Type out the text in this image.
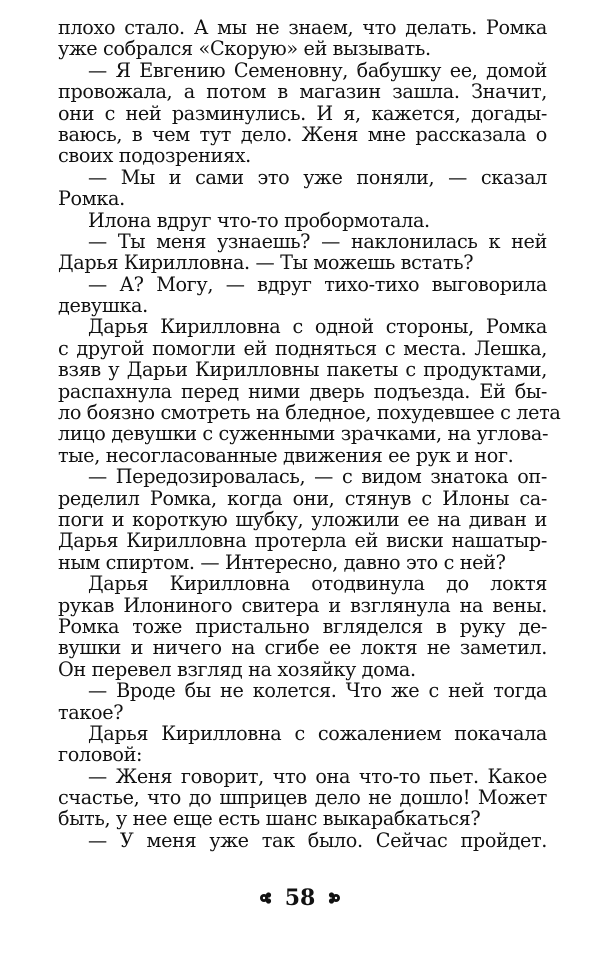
плохо стало. А мы не знаем, что делать. Ромка
уже собрался «Скорую» ей вызывать.
— Я Евгению Семеновну, бабушку ее, домой
провожала, а потом в магазин зашла. Значит,
они с ней разминулись. И я, кажется, догады-
ваюсь, в чем тут дело. Женя мне рассказала о
своих подозрениях.
— Мы и сами это уже поняли, — сказал
Ромка.
Илона вдруг что-то пробормотала.
— Ты меня узнаешь? — наклонилась к ней
Дарья Кирилловна. — Ты можешь встать?
— А? Могу, — вдруг тихо-тихо выговорила
девушка.
Дарья Кирилловна с одной стороны, Ромка
с другой помогли ей подняться с места. Лешка,
взяв у Дарьи Кирилловны пакеты с продуктами,
распахнула перед ними дверь подъезда. Ей бы-
ло боязно смотреть на бледное, похудевшее с лета
лицо девушки с суженными зрачками, на углова-
тые, несогласованные движения ее рук и ног.
— Передозировалась, — с видом знатока оп-
ределил Ромка, когда они, стянув с Илоны са-
поги и короткую шубку, уложили ее на диван и
Дарья Кирилловна протерла ей виски нашатыр-
ным спиртом. — Интересно, давно это с ней?
Дарья Кирилловна отодвинула до локтя
рукав Илониного свитера и взглянула на вены.
Ромка тоже пристально вгляделся в руку де-
вушки и ничего на сгибе ее локтя не заметил.
Он перевел взгляд на хозяйку дома.
— Вроде бы не колется. Что же с ней тогда
такое?
Дарья Кирилловна с сожалением покачала
головой:
— Женя говорит, что она что-то пьет. Какое
счастье, что до шприцев дело не дошло! Может
быть, у нее еще есть шанс выкарабкаться?
— У меня уже так было. Сейчас пройдет.
58
